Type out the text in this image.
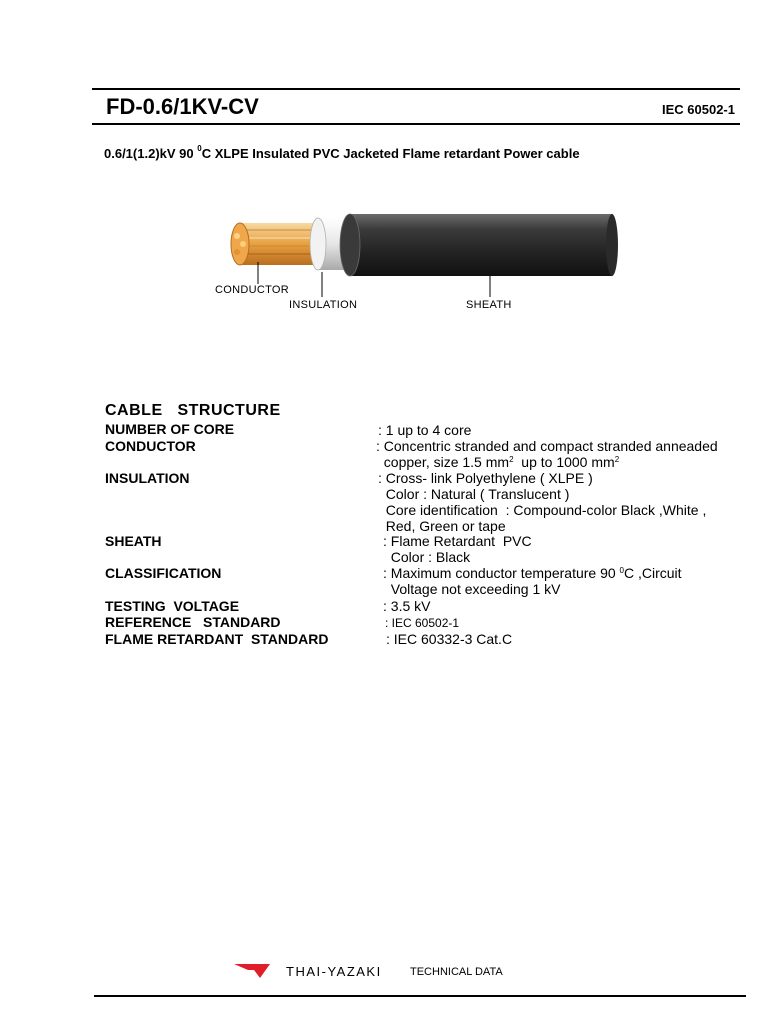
FD-0.6/1KV-CV	IEC 60502-1
0.6/1(1.2)kV 90 $^0$C XLPE Insulated PVC Jacketed Flame retardant Power cable
CONDUCTOR
INSULATION	SHEATH
CABLE   STRUCTURE
NUMBER OF CORE	: 1 up to 4 core
CONDUCTOR	: Concentric stranded and compact stranded anneaded
copper, size 1.5 $mm^2$  up to 1000 $mm^2$
INSULATION	: Cross- link Polyethylene ( XLPE )
Color : Natural ( Translucent )
Core identification  : Compound-color Black ,White ,
Red, Green or tape
SHEATH	: Flame Retardant  PVC
Color : Black
CLASSIFICATION	: Maximum conductor temperature 90 $^0$C ,Circuit
Voltage not exceeding 1 kV
TESTING  VOLTAGE	: 3.5 kV
REFERENCE   STANDARD	: IEC 60502-1
FLAME RETARDANT  STANDARD	: IEC 60332-3 Cat.C
THAI-YAZAKI	TECHNICAL DATA
